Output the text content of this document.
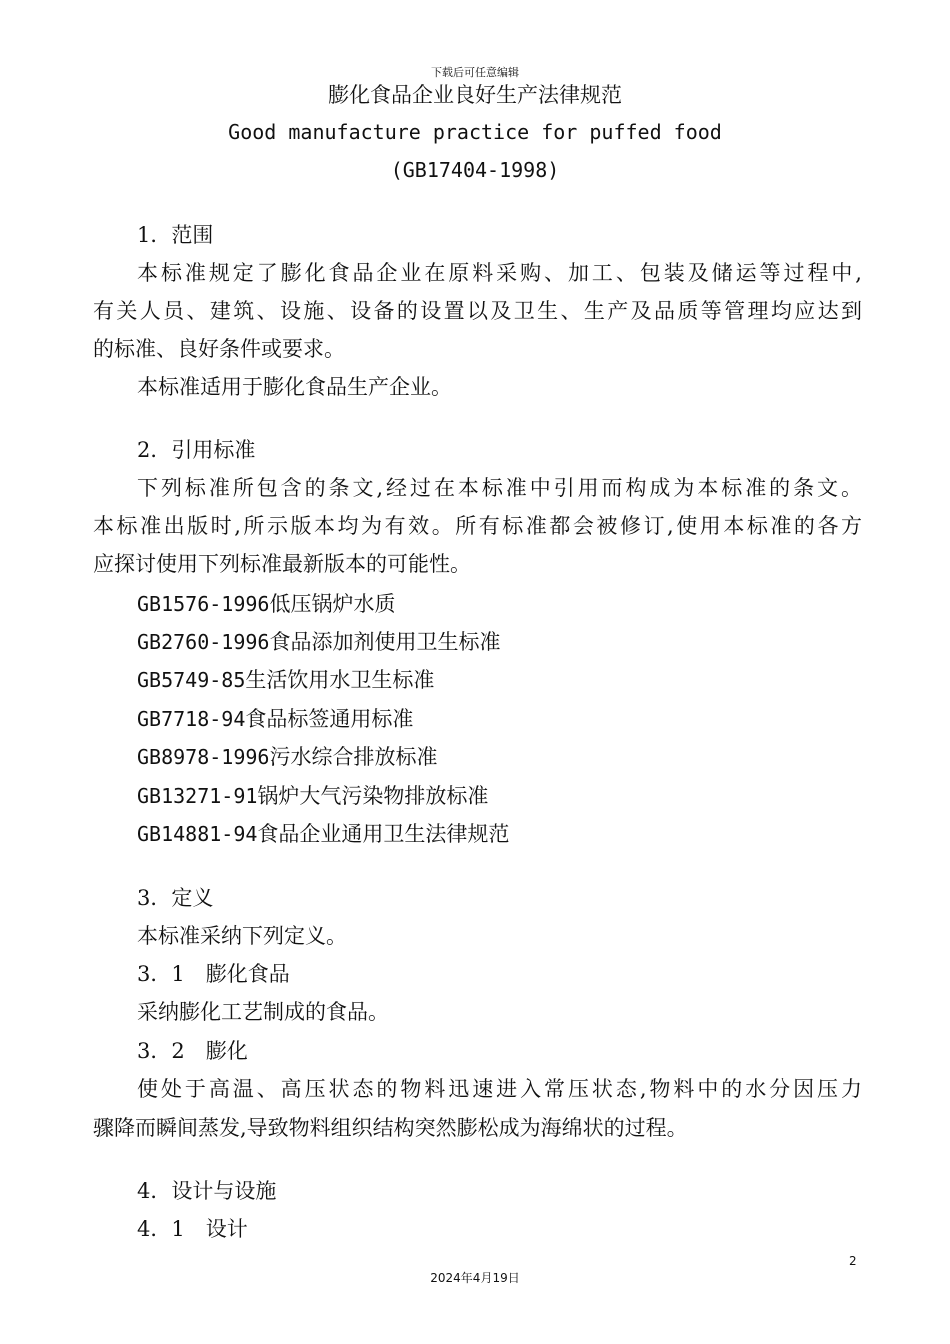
下载后可任意编辑
膨化食品企业良好生产法律规范
Good manufacture practice for puffed food
(GB17404-1998)
1．范围
本标准规定了膨化食品企业在原料采购、加工、包装及储运等过程中,
有关人员、建筑、设施、设备的设置以及卫生、生产及品质等管理均应达到
的标准、良好条件或要求。
本标准适用于膨化食品生产企业。
2．引用标准
下列标准所包含的条文,经过在本标准中引用而构成为本标准的条文。
本标准出版时,所示版本均为有效。所有标准都会被修订,使用本标准的各方
应探讨使用下列标准最新版本的可能性。
GB1576-1996低压锅炉水质
GB2760-1996食品添加剂使用卫生标准
GB5749-85生活饮用水卫生标准
GB7718-94食品标签通用标准
GB8978-1996污水综合排放标准
GB13271-91锅炉大气污染物排放标准
GB14881-94食品企业通用卫生法律规范
3．定义
本标准采纳下列定义。
3．1　膨化食品
采纳膨化工艺制成的食品。
3．2　膨化
使处于高温、高压状态的物料迅速进入常压状态,物料中的水分因压力
骤降而瞬间蒸发,导致物料组织结构突然膨松成为海绵状的过程。
4．设计与设施
4．1　设计
2
2024年4月19日
